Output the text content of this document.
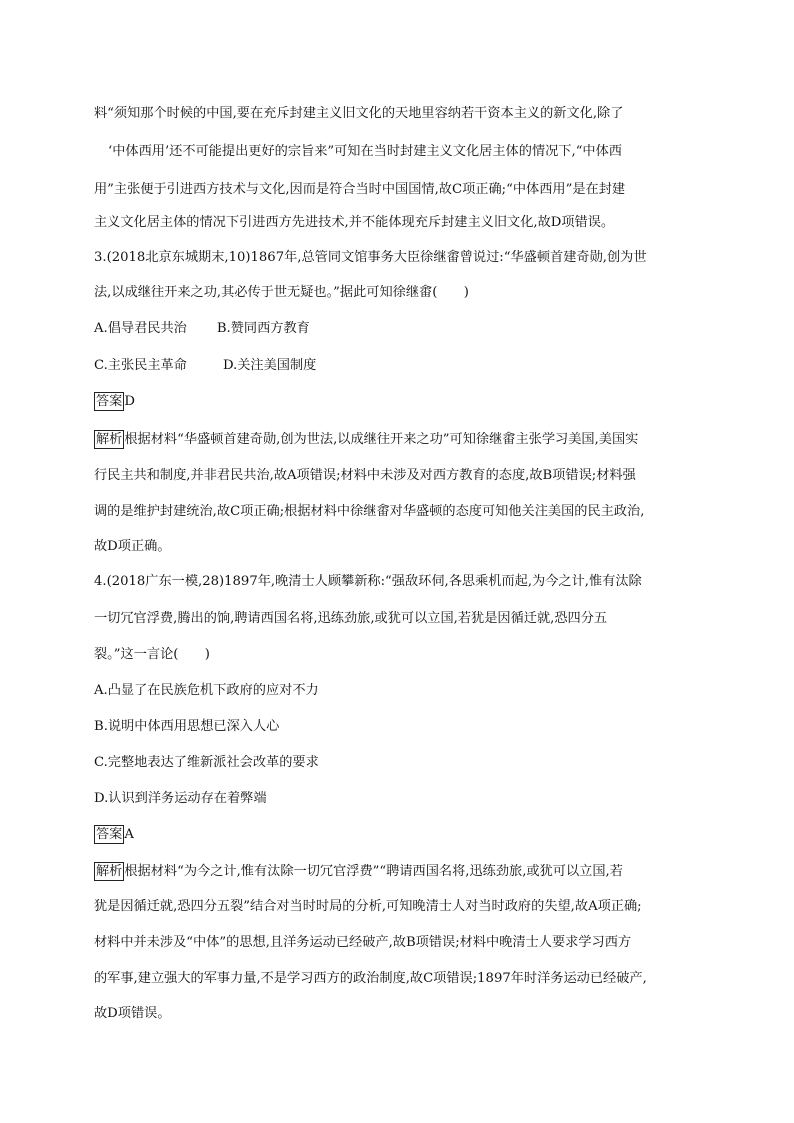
料“须知那个时候的中国,要在充斥封建主义旧文化的天地里容纳若干资本主义的新文化,除了
‘中体西用’还不可能提出更好的宗旨来”可知在当时封建主义文化居主体的情况下,“中体西
用”主张便于引进西方技术与文化,因而是符合当时中国国情,故C项正确;“中体西用”是在封建
主义文化居主体的情况下引进西方先进技术,并不能体现充斥封建主义旧文化,故D项错误。
3.(2018北京东城期末,10)1867年,总管同文馆事务大臣徐继畬曾说过:“华盛顿首建奇勋,创为世
法,以成继往开来之功,其必传于世无疑也。”据此可知徐继畬(　　)
A.倡导君民共治 B.赞同西方教育
C.主张民主革命	D.关注美国制度
答案 D
解析 根据材料“华盛顿首建奇勋,创为世法,以成继往开来之功”可知徐继畬主张学习美国,美国实
行民主共和制度,并非君民共治,故A项错误;材料中未涉及对西方教育的态度,故B项错误;材料强
调的是维护封建统治,故C项正确;根据材料中徐继畬对华盛顿的态度可知他关注美国的民主政治,
故D项正确。
4.(2018广东一模,28)1897年,晚清士人顾攀新称:“强敌环伺,各思乘机而起,为今之计,惟有汰除
一切冗官浮费,腾出的饷,聘请西国名将,迅练劲旅,或犹可以立国,若犹是因循迁就,恐四分五
裂。”这一言论(　　)
A.凸显了在民族危机下政府的应对不力
B.说明中体西用思想已深入人心
C.完整地表达了维新派社会改革的要求
D.认识到洋务运动存在着弊端
答案 A
解析 根据材料“为今之计,惟有汰除一切冗官浮费”“聘请西国名将,迅练劲旅,或犹可以立国,若
犹是因循迁就,恐四分五裂”结合对当时时局的分析,可知晚清士人对当时政府的失望,故A项正确;
材料中并未涉及“中体”的思想,且洋务运动已经破产,故B项错误;材料中晚清士人要求学习西方
的军事,建立强大的军事力量,不是学习西方的政治制度,故C项错误;1897年时洋务运动已经破产,
故D项错误。
